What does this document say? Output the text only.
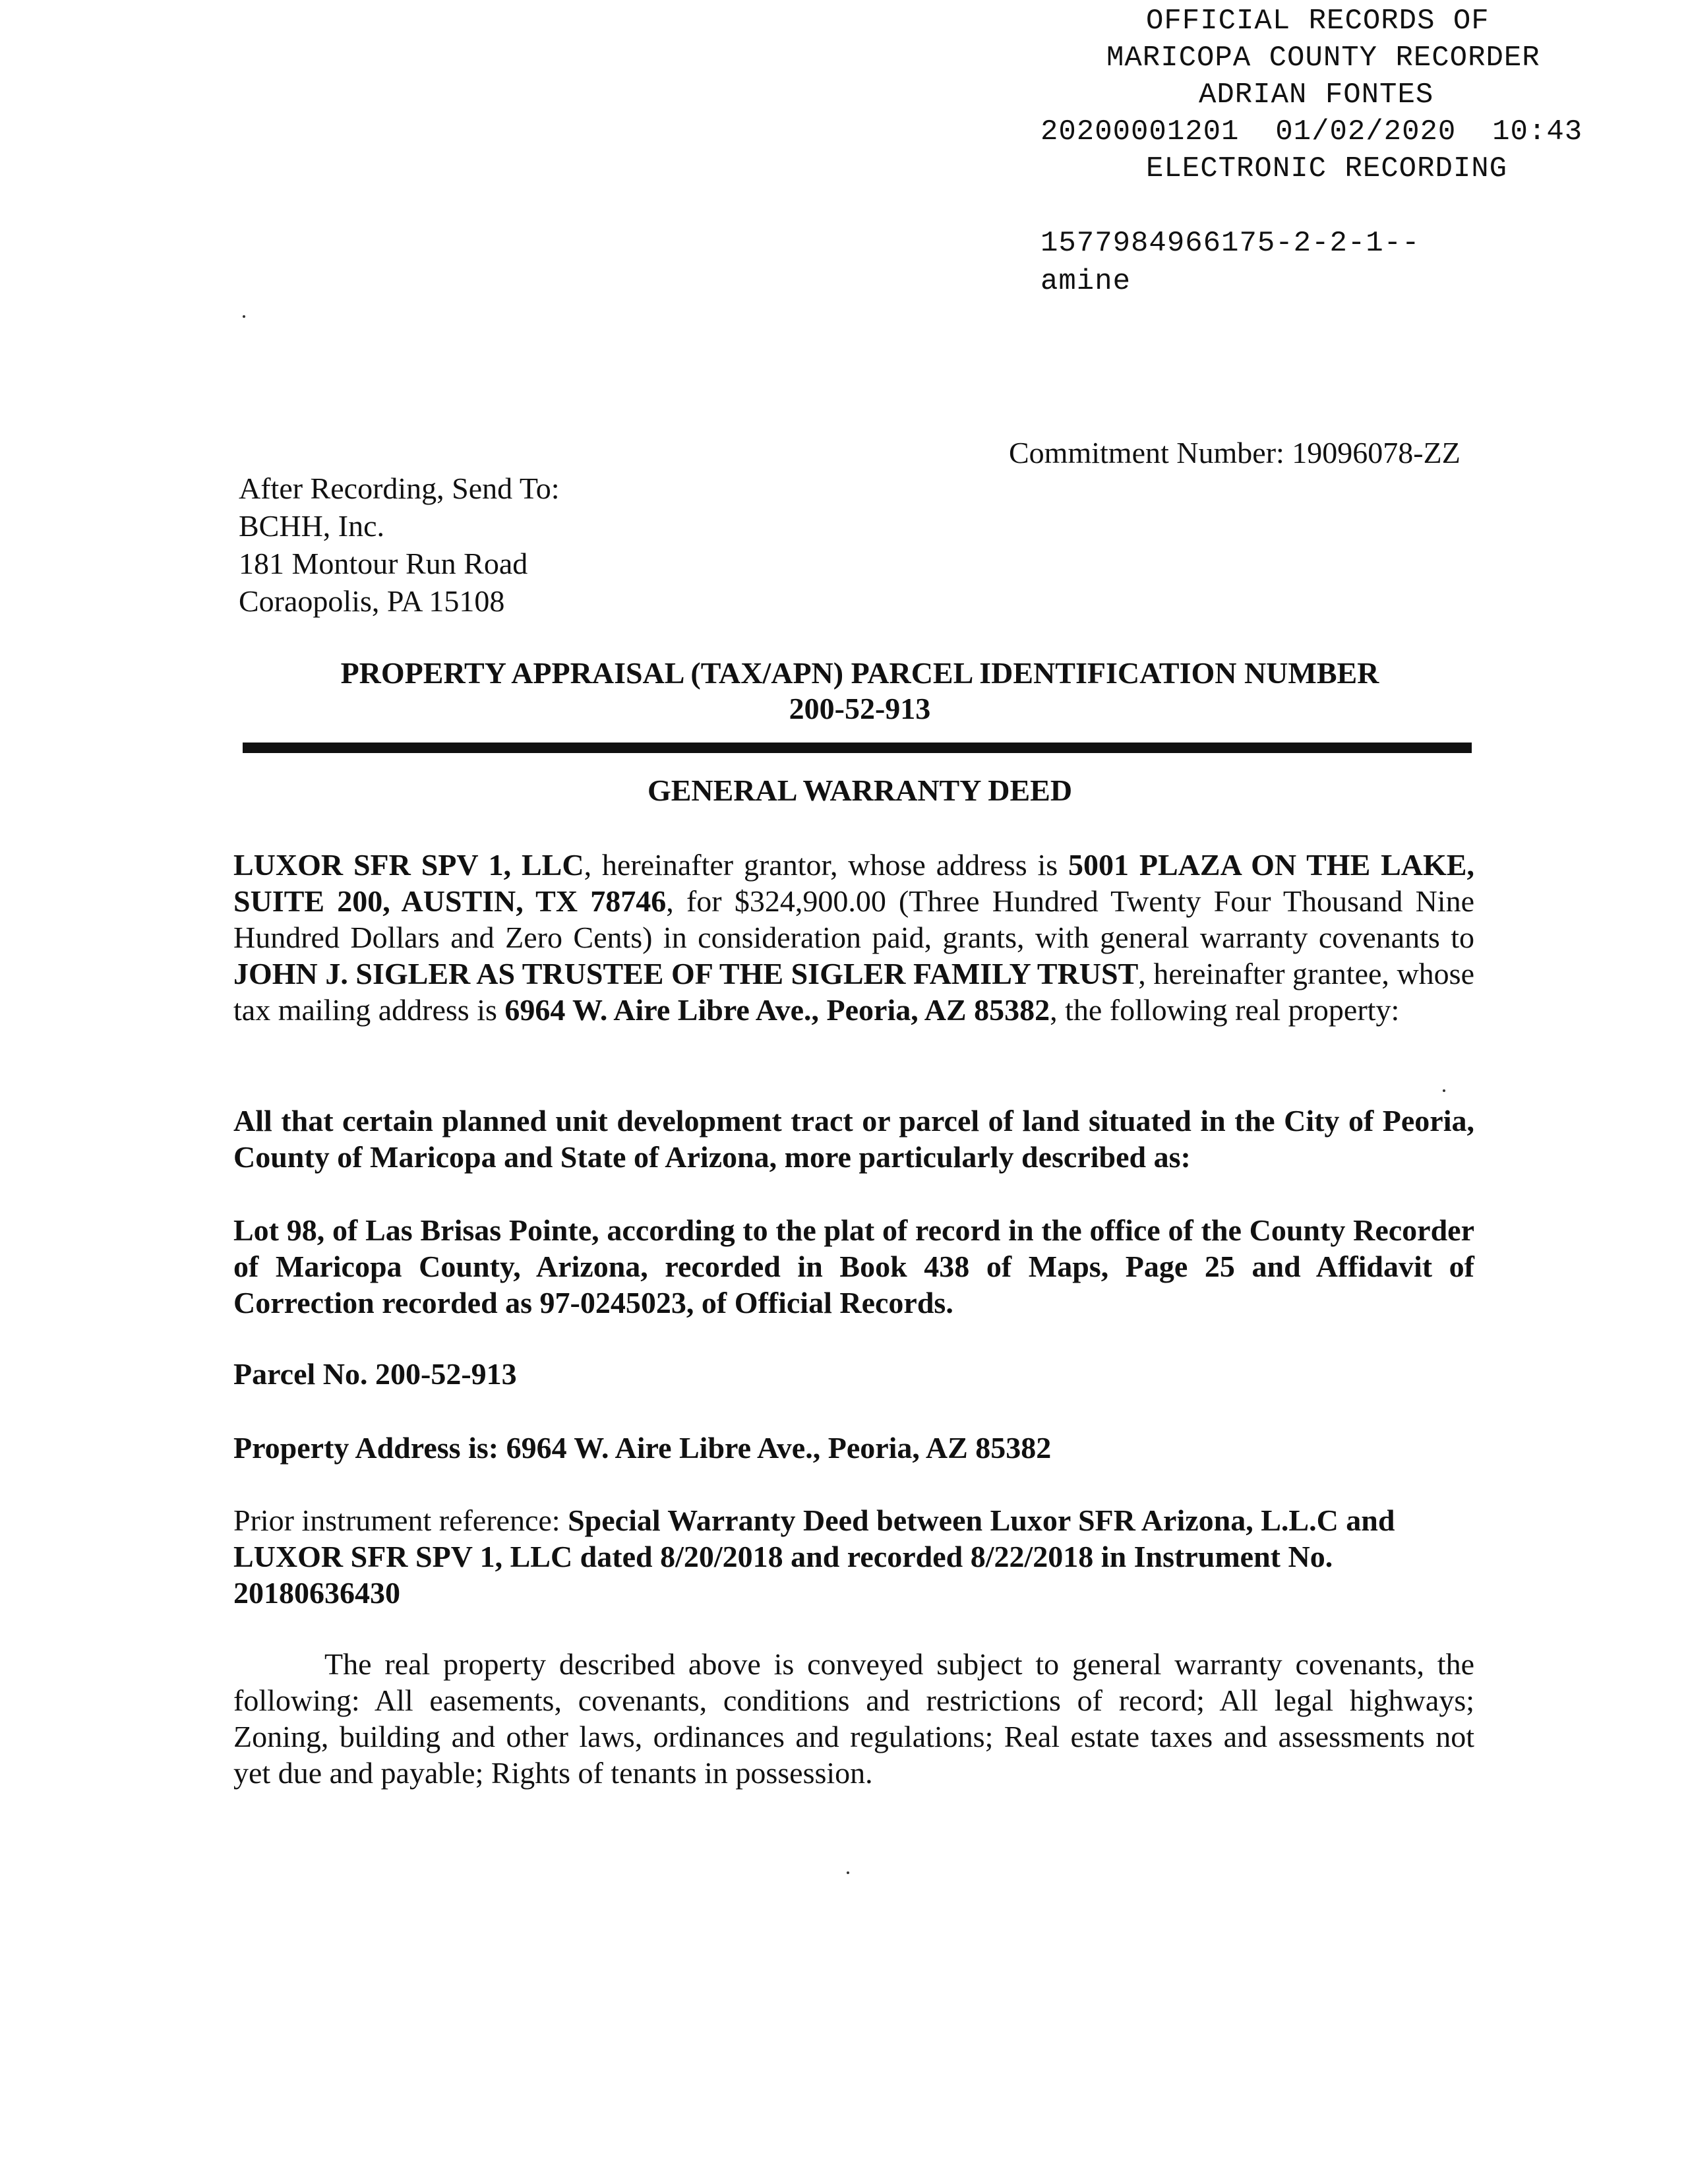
OFFICIAL RECORDS OF
MARICOPA COUNTY RECORDER
ADRIAN FONTES
20200001201  01/02/2020  10:43
ELECTRONIC RECORDING
1577984966175-2-2-1--
amine
Commitment Number: 19096078-ZZ
After Recording, Send To:
BCHH, Inc.
181 Montour Run Road
Coraopolis, PA 15108
PROPERTY APPRAISAL (TAX/APN) PARCEL IDENTIFICATION NUMBER
200-52-913
GENERAL WARRANTY DEED
LUXOR SFR SPV 1, LLC, hereinafter grantor, whose address is 5001 PLAZA ON THE LAKE, SUITE 200, AUSTIN, TX 78746, for $324,900.00 (Three Hundred Twenty Four Thousand Nine Hundred Dollars and Zero Cents) in consideration paid, grants, with general warranty covenants to JOHN J. SIGLER AS TRUSTEE OF THE SIGLER FAMILY TRUST, hereinafter grantee, whose tax mailing address is 6964 W. Aire Libre Ave., Peoria, AZ 85382, the following real property:
All that certain planned unit development tract or parcel of land situated in the City of Peoria, County of Maricopa and State of Arizona, more particularly described as:
Lot 98, of Las Brisas Pointe, according to the plat of record in the office of the County Recorder of Maricopa County, Arizona, recorded in Book 438 of Maps, Page 25 and Affidavit of Correction recorded as 97-0245023, of Official Records.
Parcel No. 200-52-913
Property Address is: 6964 W. Aire Libre Ave., Peoria, AZ 85382
Prior instrument reference: Special Warranty Deed between Luxor SFR Arizona, L.L.C and LUXOR SFR SPV 1, LLC dated 8/20/2018 and recorded 8/22/2018 in Instrument No. 20180636430
The real property described above is conveyed subject to general warranty covenants, the following: All easements, covenants, conditions and restrictions of record; All legal highways; Zoning, building and other laws, ordinances and regulations; Real estate taxes and assessments not yet due and payable; Rights of tenants in possession.
